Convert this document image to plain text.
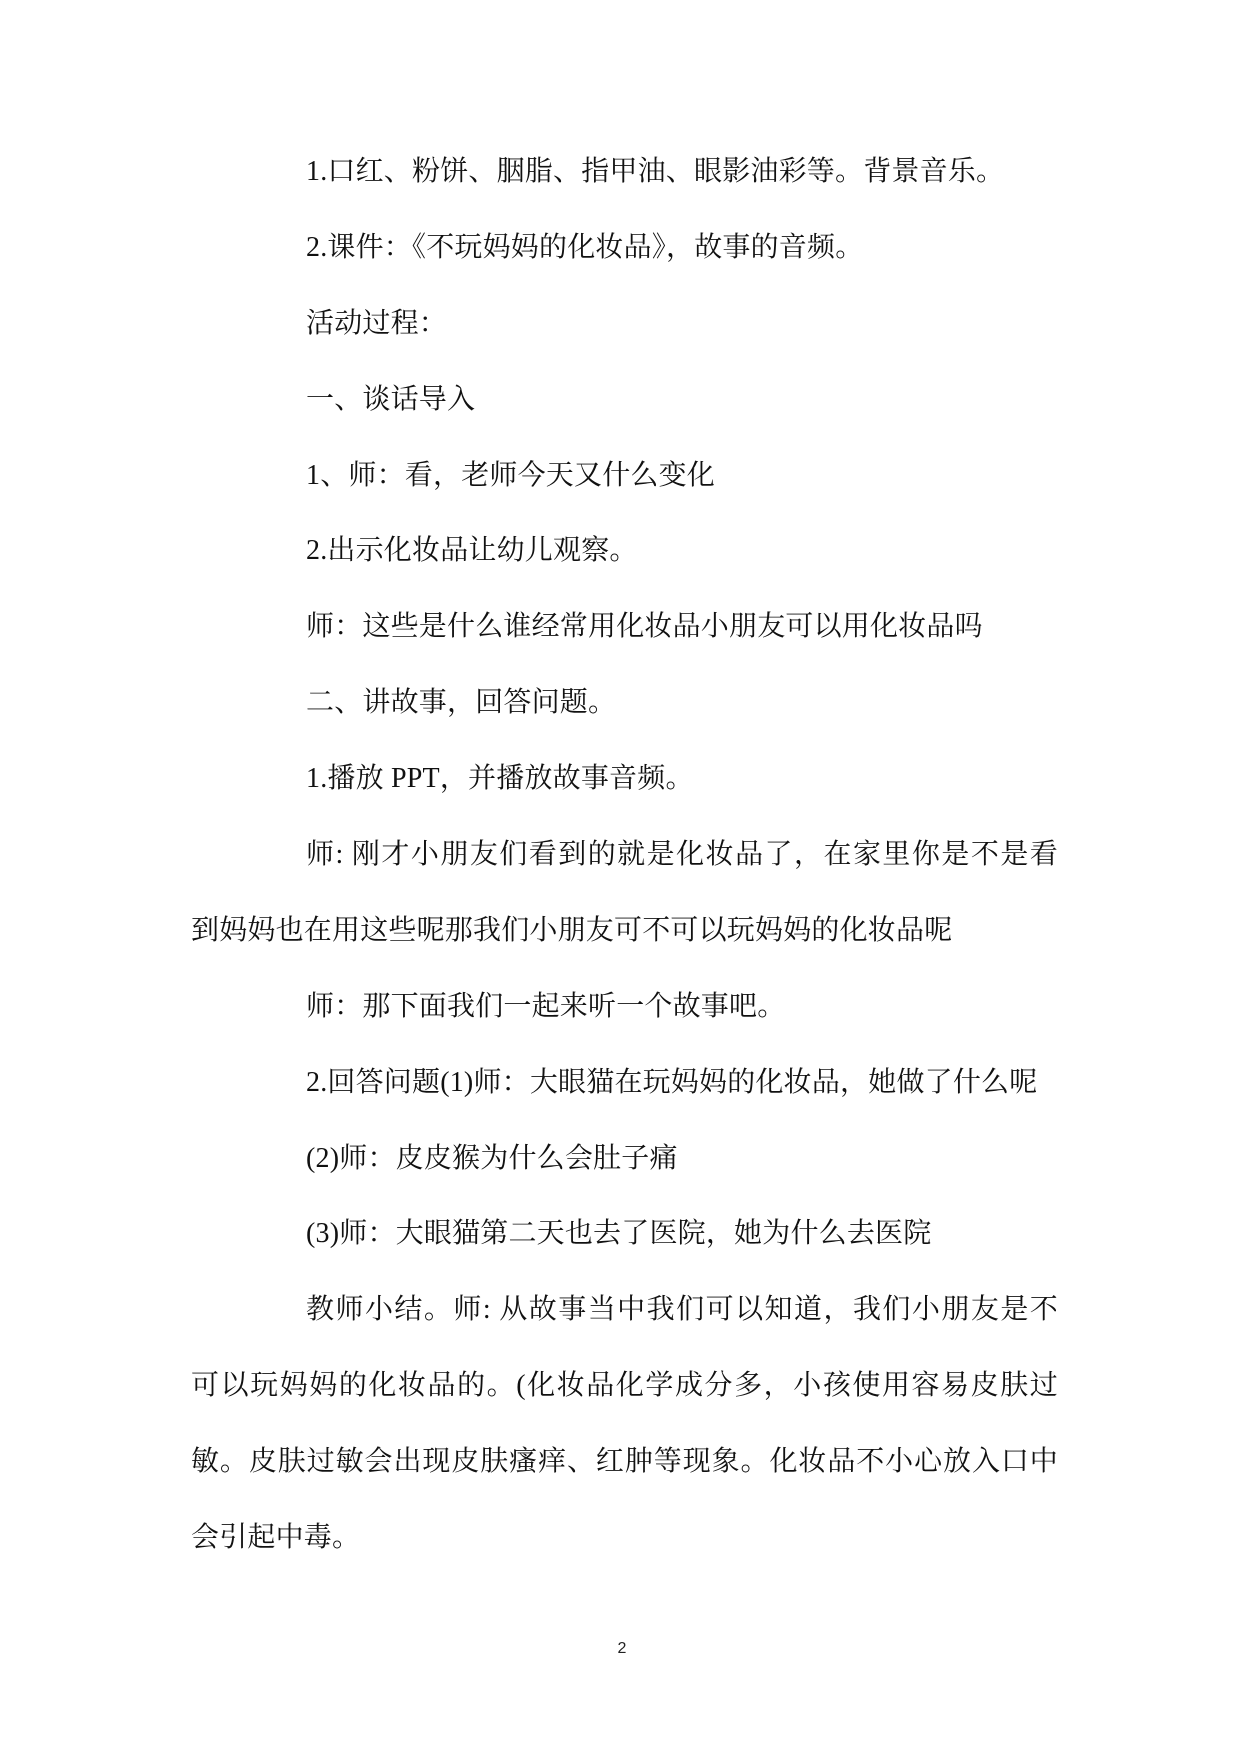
1.口红、粉饼、胭脂、指甲油、眼影油彩等。背景音乐。
2.课件：《不玩妈妈的化妆品》，故事的音频。
活动过程：
一、谈话导入
1、师：看，老师今天又什么变化
2.出示化妆品让幼儿观察。
师：这些是什么谁经常用化妆品小朋友可以用化妆品吗
二、讲故事，回答问题。
1.播放 PPT，并播放故事音频。
师: 刚才小朋友们看到的就是化妆品了，在家里你是不是看
到妈妈也在用这些呢那我们小朋友可不可以玩妈妈的化妆品呢
师：那下面我们一起来听一个故事吧。
2.回答问题(1)师：大眼猫在玩妈妈的化妆品，她做了什么呢
(2)师：皮皮猴为什么会肚子痛
(3)师：大眼猫第二天也去了医院，她为什么去医院
教师小结。师: 从故事当中我们可以知道，我们小朋友是不
可以玩妈妈的化妆品的。(化妆品化学成分多，小孩使用容易皮肤过
敏。皮肤过敏会出现皮肤瘙痒、红肿等现象。化妆品不小心放入口中
会引起中毒。
2
